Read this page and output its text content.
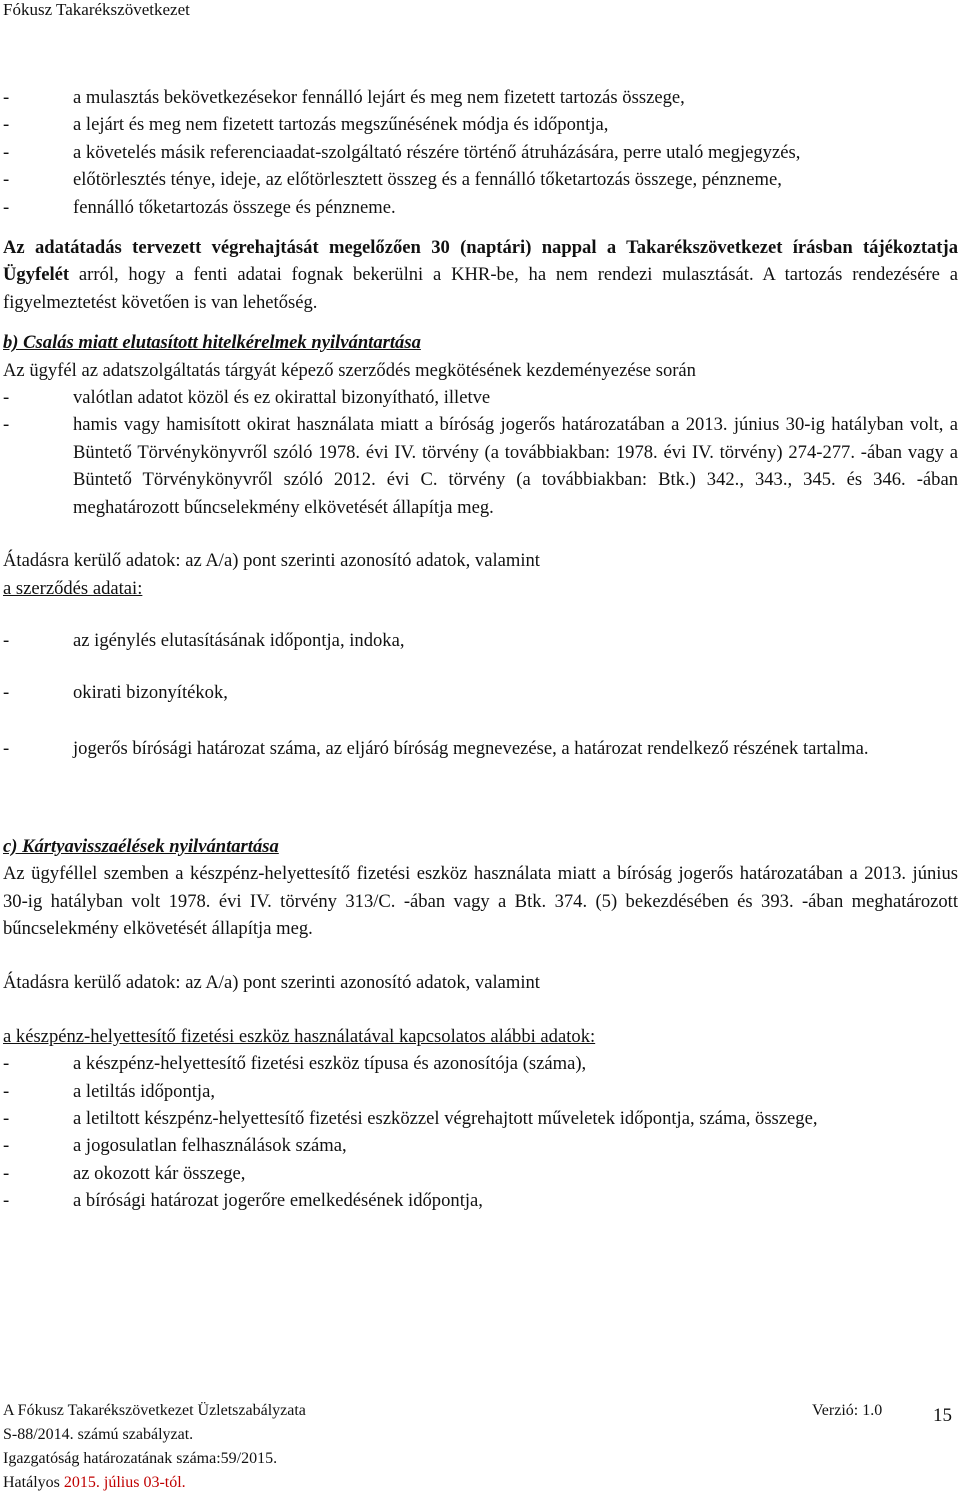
Fókusz Takarékszövetkezet
-	a mulasztás bekövetkezésekor fennálló lejárt és meg nem fizetett tartozás összege,
-	a lejárt és meg nem fizetett tartozás megszűnésének módja és időpontja,
-	a követelés másik referenciaadat-szolgáltató részére történő átruházására, perre utaló megjegyzés,
-	előtörlesztés ténye, ideje, az előtörlesztett összeg és a fennálló tőketartozás összege, pénzneme,
-	fennálló tőketartozás összege és pénzneme.
Az adatátadás tervezett végrehajtását megelőzően 30 (naptári) nappal a Takarékszövetkezet írásban tájékoztatja Ügyfelét arról, hogy a fenti adatai fognak bekerülni a KHR-be, ha nem rendezi mulasztását. A tartozás rendezésére a figyelmeztetést követően is van lehetőség.
b) Csalás miatt elutasított hitelkérelmek nyilvántartása
Az ügyfél az adatszolgáltatás tárgyát képező szerződés megkötésének kezdeményezése során
-	valótlan adatot közöl és ez okirattal bizonyítható, illetve
-	hamis vagy hamisított okirat használata miatt a bíróság jogerős határozatában a 2013. június 30-ig hatályban volt, a Büntető Törvénykönyvről szóló 1978. évi IV. törvény (a továbbiakban: 1978. évi IV. törvény) 274-277. -ában vagy a Büntető Törvénykönyvről szóló 2012. évi C. törvény (a továbbiakban: Btk.) 342., 343., 345. és 346. -ában meghatározott bűncselekmény elkövetését állapítja meg.
Átadásra kerülő adatok: az A/a) pont szerinti azonosító adatok, valamint
a szerződés adatai:
-	az igénylés elutasításának időpontja, indoka,
-	okirati bizonyítékok,
-	jogerős bírósági határozat száma, az eljáró bíróság megnevezése, a határozat rendelkező részének tartalma.
c) Kártyavisszaélések nyilvántartása
Az ügyféllel szemben a készpénz-helyettesítő fizetési eszköz használata miatt a bíróság jogerős határozatában a 2013. június 30-ig hatályban volt 1978. évi IV. törvény 313/C. -ában vagy a Btk. 374. (5) bekezdésében és 393. -ában meghatározott bűncselekmény elkövetését állapítja meg.
Átadásra kerülő adatok: az A/a) pont szerinti azonosító adatok, valamint
a készpénz-helyettesítő fizetési eszköz használatával kapcsolatos alábbi adatok:
-	a készpénz-helyettesítő fizetési eszköz típusa és azonosítója (száma),
-	a letiltás időpontja,
-	a letiltott készpénz-helyettesítő fizetési eszközzel végrehajtott műveletek időpontja, száma, összege,
-	a jogosulatlan felhasználások száma,
-	az okozott kár összege,
-	a bírósági határozat jogerőre emelkedésének időpontja,
A Fókusz Takarékszövetkezet Üzletszabályzata
S-88/2014. számú szabályzat.
Igazgatóság határozatának száma:59/2015.
Hatályos 2015. július 03-tól.
Verzió: 1.0	15
